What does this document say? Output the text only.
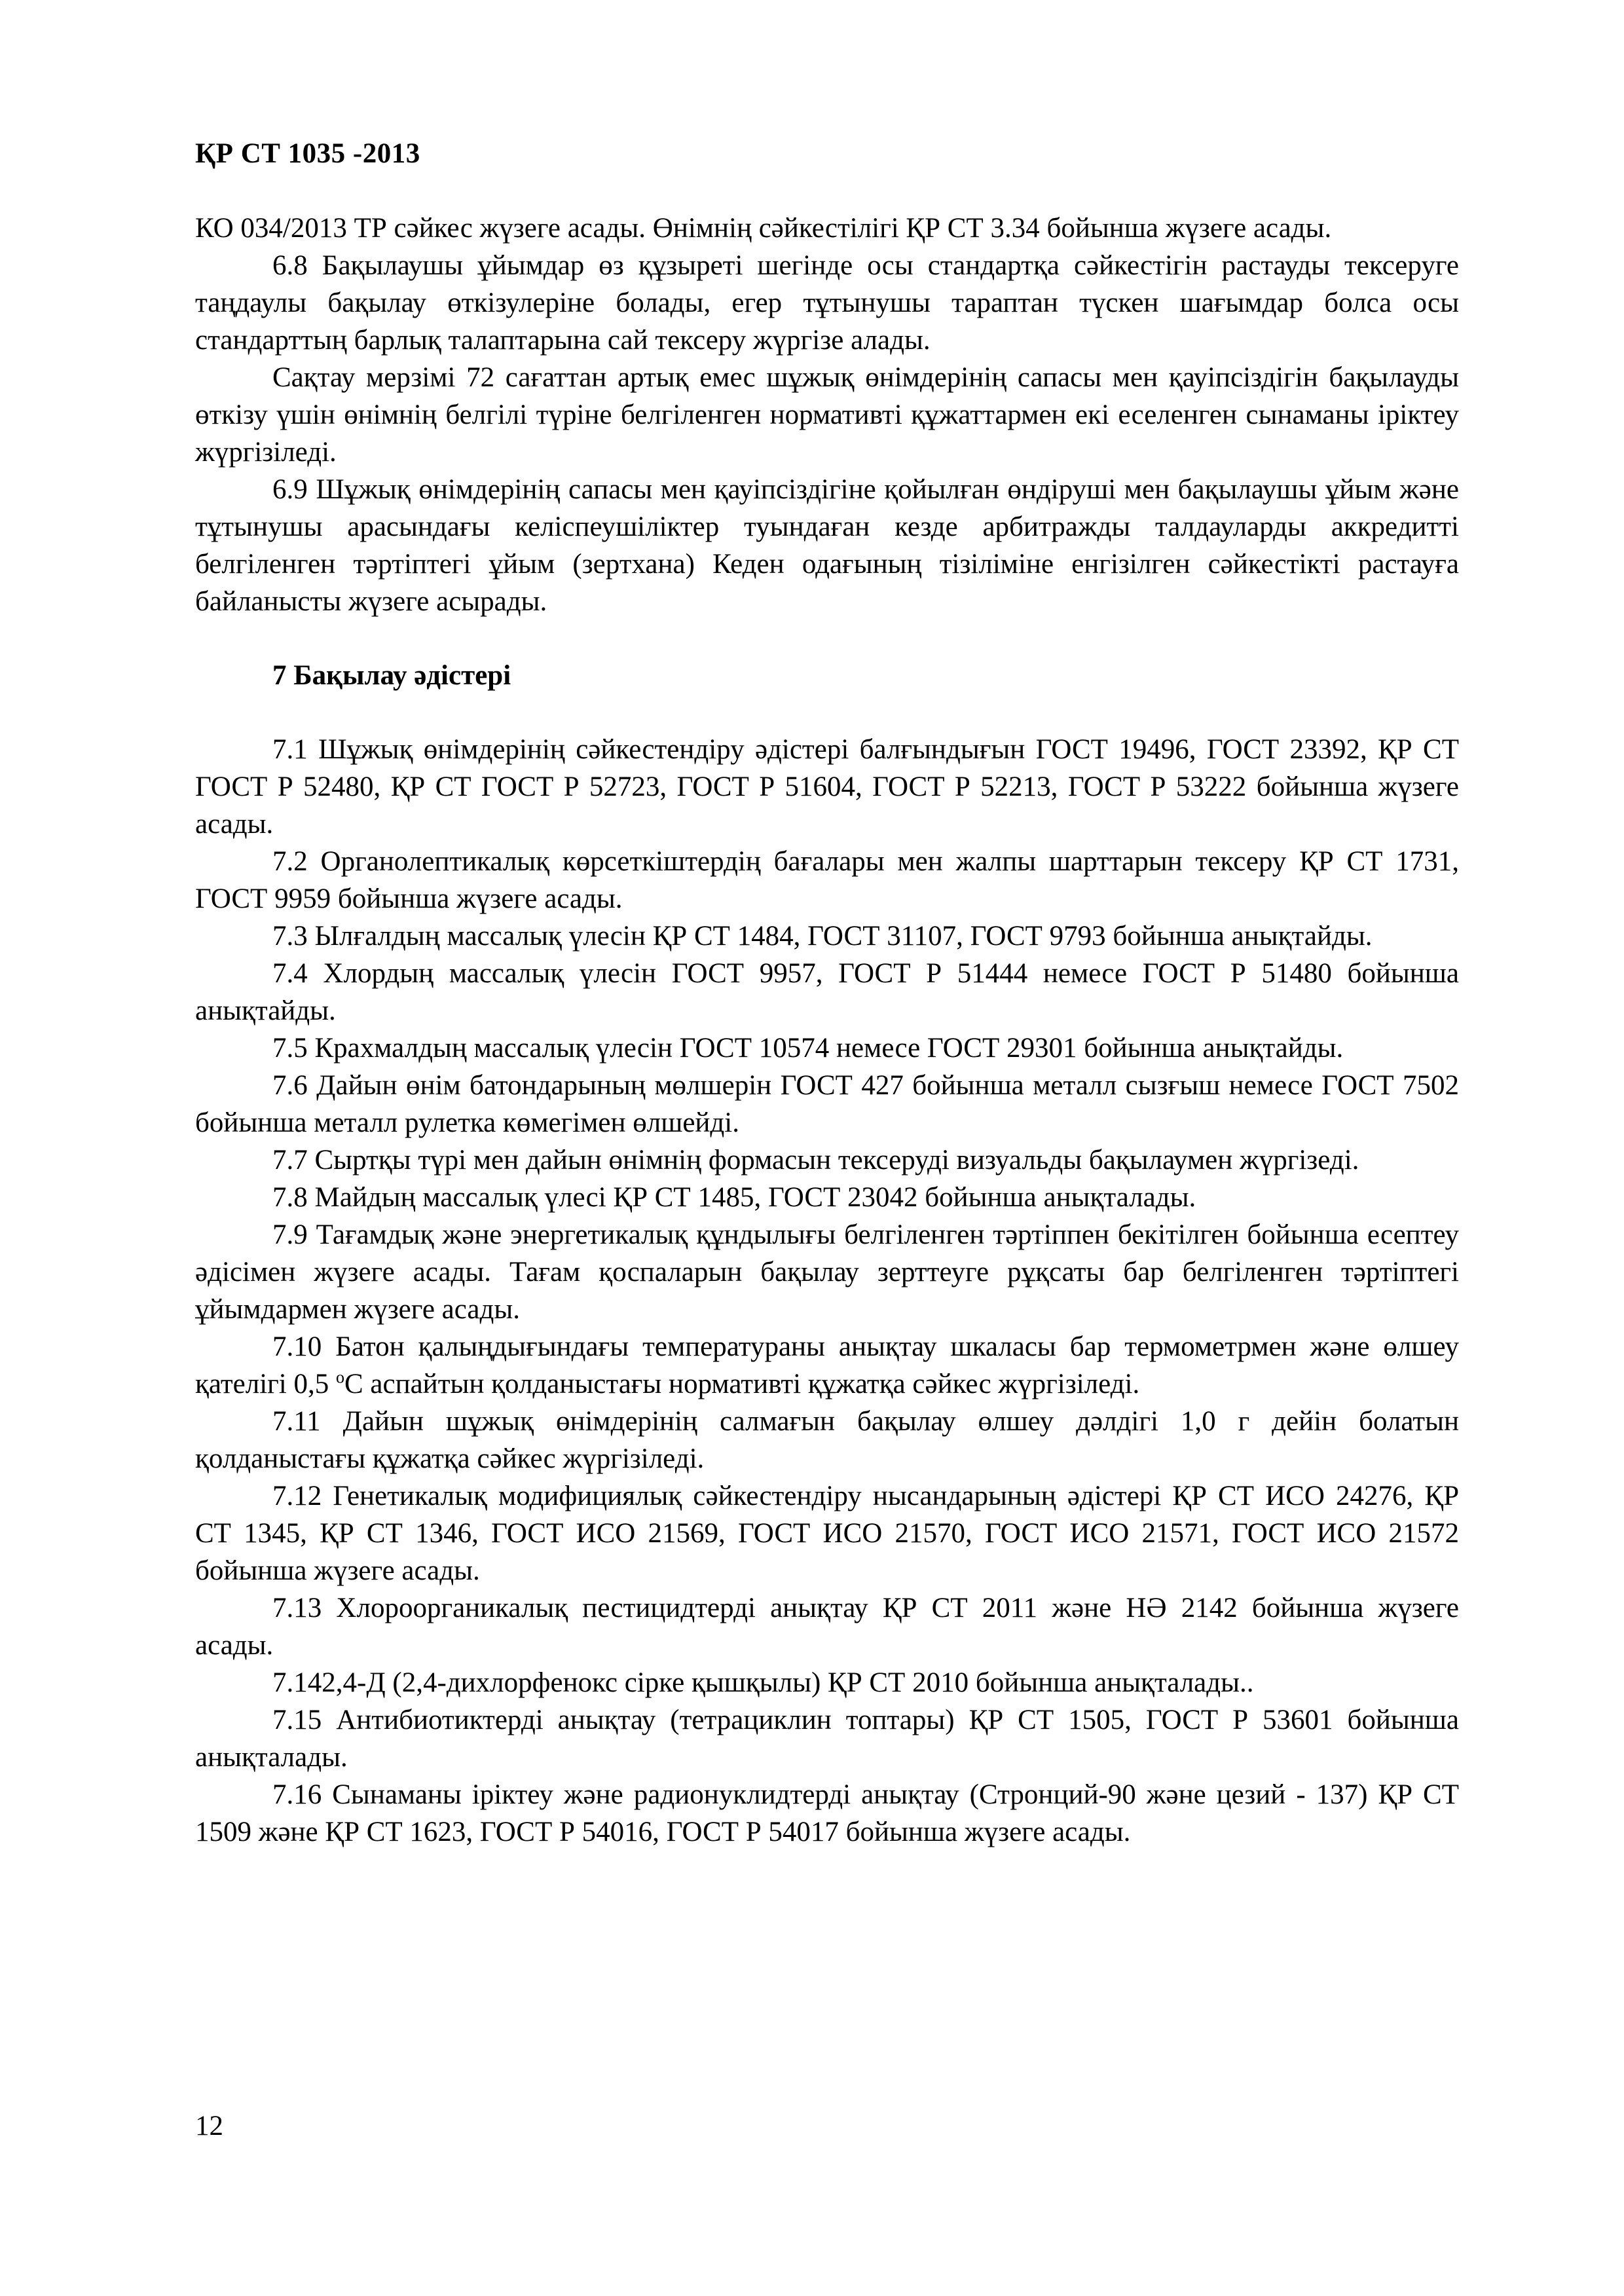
ҚР СТ 1035 -2013

КО 034/2013 ТР сәйкес жүзеге асады. Өнімнің сәйкестілігі ҚР СТ 3.34 бойынша жүзеге асады.

6.8 Бақылаушы ұйымдар өз құзыреті шегінде осы стандартқа сәйкестігін растауды тексеруге таңдаулы бақылау өткізулеріне болады, егер тұтынушы тараптан түскен шағымдар болса осы стандарттың барлық талаптарына сай тексеру жүргізе алады.

Сақтау мерзімі 72 сағаттан артық емес шұжық өнімдерінің сапасы мен қауіпсіздігін бақылауды өткізу үшін өнімнің белгілі түріне белгіленген нормативті құжаттармен екі еселенген сынаманы іріктеу жүргізіледі.

6.9 Шұжық өнімдерінің сапасы мен қауіпсіздігіне қойылған өндіруші мен бақылаушы ұйым және тұтынушы арасындағы келіспеушіліктер туындаған кезде арбитражды талдауларды аккредитті белгіленген тәртіптегі ұйым (зертхана) Кеден одағының тізіліміне енгізілген сәйкестікті растауға байланысты жүзеге асырады.

7 Бақылау әдістері

7.1 Шұжық өнімдерінің сәйкестендіру әдістері балғындығын ГОСТ 19496, ГОСТ 23392, ҚР СТ ГОСТ Р 52480, ҚР СТ ГОСТ Р 52723, ГОСТ Р 51604, ГОСТ Р 52213, ГОСТ Р 53222 бойынша жүзеге асады.

7.2 Органолептикалық көрсеткіштердің бағалары мен жалпы шарттарын тексеру ҚР СТ 1731, ГОСТ 9959 бойынша жүзеге асады.

7.3 Ылғалдың массалық үлесін ҚР СТ 1484, ГОСТ 31107, ГОСТ 9793 бойынша анықтайды.

7.4 Хлордың массалық үлесін ГОСТ 9957, ГОСТ Р 51444 немесе ГОСТ Р 51480 бойынша анықтайды.

7.5 Крахмалдың массалық үлесін ГОСТ 10574 немесе ГОСТ 29301 бойынша анықтайды.

7.6 Дайын өнім батондарының мөлшерін ГОСТ 427 бойынша металл сызғыш немесе ГОСТ 7502 бойынша металл рулетка көмегімен өлшейді.

7.7 Сыртқы түрі мен дайын өнімнің формасын тексеруді визуальды бақылаумен жүргізеді.

7.8 Майдың массалық үлесі ҚР СТ 1485, ГОСТ 23042 бойынша анықталады.

7.9 Тағамдық және энергетикалық құндылығы белгіленген тәртіппен бекітілген бойынша есептеу әдісімен жүзеге асады. Тағам қоспаларын бақылау зерттеуге рұқсаты бар белгіленген тәртіптегі ұйымдармен жүзеге асады.

7.10 Батон қалыңдығындағы температураны анықтау шкаласы бар термометрмен және өлшеу қателігі 0,5 $^о$С аспайтын қолданыстағы нормативті құжатқа сәйкес жүргізіледі.

7.11 Дайын шұжық өнімдерінің салмағын бақылау өлшеу дәлдігі 1,0 г дейін болатын қолданыстағы құжатқа сәйкес жүргізіледі.

7.12 Генетикалық модифициялық сәйкестендіру нысандарының әдістері ҚР СТ ИСО 24276, ҚР СТ 1345, ҚР СТ 1346, ГОСТ ИСО 21569, ГОСТ ИСО 21570, ГОСТ ИСО 21571, ГОСТ ИСО 21572 бойынша жүзеге асады.

7.13 Хлороорганикалық пестицидтерді анықтау ҚР СТ 2011 және НӘ 2142 бойынша жүзеге асады.

7.142,4-Д (2,4-дихлорфенокс сірке қышқылы) ҚР СТ 2010 бойынша анықталады..

7.15 Антибиотиктерді анықтау (тетрациклин топтары) ҚР СТ 1505, ГОСТ Р 53601 бойынша анықталады.

7.16 Сынаманы іріктеу және радионуклидтерді анықтау (Стронций-90 және цезий - 137) ҚР СТ 1509 және ҚР СТ 1623, ГОСТ Р 54016, ГОСТ Р 54017 бойынша жүзеге асады.

12
